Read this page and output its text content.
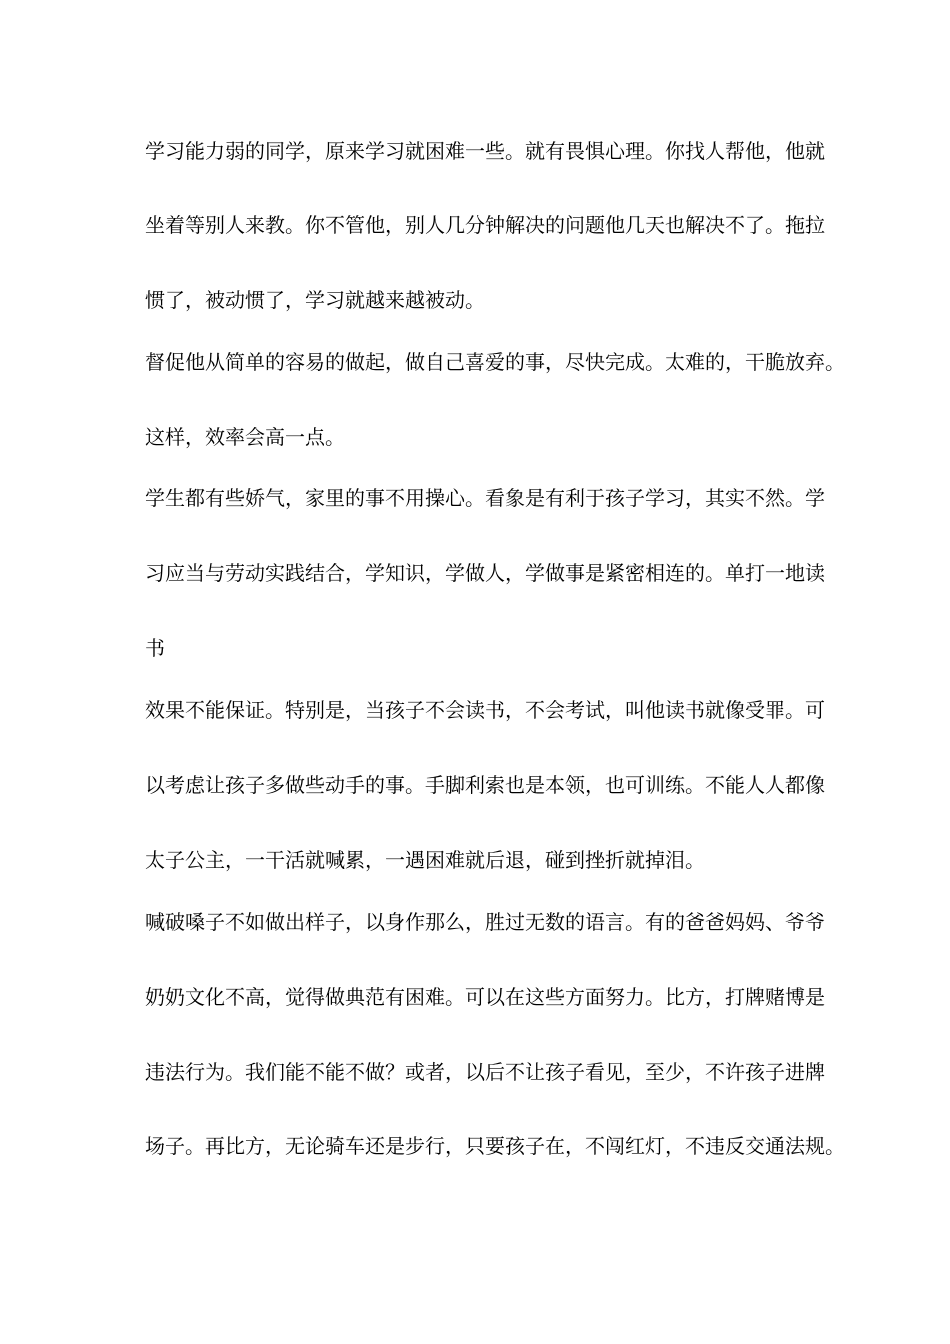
学习能力弱的同学，原来学习就困难一些。就有畏惧心理。你找人帮他，他就
坐着等别人来教。你不管他，别人几分钟解决的问题他几天也解决不了。拖拉
惯了，被动惯了，学习就越来越被动。
督促他从简单的容易的做起，做自己喜爱的事，尽快完成。太难的，干脆放弃。
这样，效率会高一点。
学生都有些娇气，家里的事不用操心。看象是有利于孩子学习，其实不然。学
习应当与劳动实践结合，学知识，学做人，学做事是紧密相连的。单打一地读
书
效果不能保证。特别是，当孩子不会读书，不会考试，叫他读书就像受罪。可
以考虑让孩子多做些动手的事。手脚利索也是本领，也可训练。不能人人都像
太子公主，一干活就喊累，一遇困难就后退，碰到挫折就掉泪。
喊破嗓子不如做出样子，以身作那么，胜过无数的语言。有的爸爸妈妈、爷爷
奶奶文化不高，觉得做典范有困难。可以在这些方面努力。比方，打牌赌博是
违法行为。我们能不能不做？或者，以后不让孩子看见，至少，不许孩子进牌
场子。再比方，无论骑车还是步行，只要孩子在，不闯红灯，不违反交通法规。
